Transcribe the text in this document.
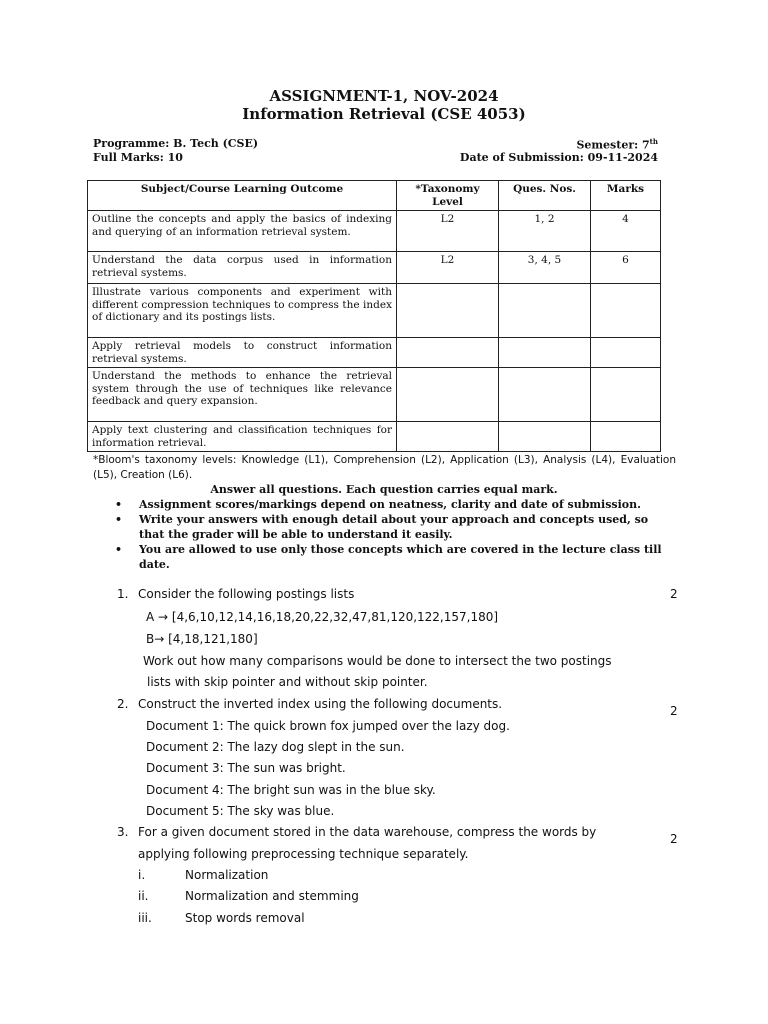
ASSIGNMENT-1, NOV-2024
Information Retrieval (CSE 4053)
Programme: B. Tech (CSE)
Full Marks: 10
Semester: 7th
Date of Submission: 09-11-2024
Subject/Course Learning Outcome	*Taxonomy Level	Ques. Nos.	Marks
Outline the concepts and apply the basics of indexing and querying of an information retrieval system.	L2	1, 2	4
Understand the data corpus used in information retrieval systems.	L2	3, 4, 5	6
Illustrate various components and experiment with different compression techniques to compress the index of dictionary and its postings lists.			
Apply retrieval models to construct information retrieval systems.			
Understand the methods to enhance the retrieval system through the use of techniques like relevance feedback and query expansion.			
Apply text clustering and classification techniques for information retrieval.			
*Bloom's taxonomy levels: Knowledge (L1), Comprehension (L2), Application (L3), Analysis (L4), Evaluation (L5), Creation (L6).
Answer all questions. Each question carries equal mark.
• Assignment scores/markings depend on neatness, clarity and date of submission.
• Write your answers with enough detail about your approach and concepts used, so that the grader will be able to understand it easily.
• You are allowed to use only those concepts which are covered in the lecture class till date.
1. Consider the following postings lists	2
A → [4,6,10,12,14,16,18,20,22,32,47,81,120,122,157,180]
B→ [4,18,121,180]
Work out how many comparisons would be done to intersect the two postings
lists with skip pointer and without skip pointer.
2. Construct the inverted index using the following documents.	2
Document 1: The quick brown fox jumped over the lazy dog.
Document 2: The lazy dog slept in the sun.
Document 3: The sun was bright.
Document 4: The bright sun was in the blue sky.
Document 5: The sky was blue.
3. For a given document stored in the data warehouse, compress the words by	2
applying following preprocessing technique separately.
i.	Normalization
ii.	Normalization and stemming
iii.	Stop words removal
